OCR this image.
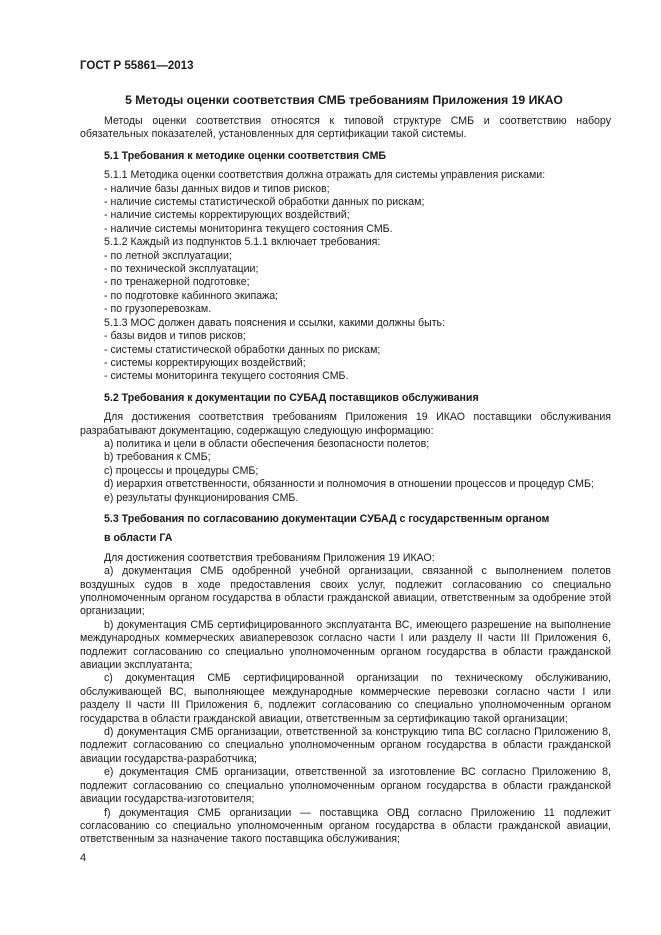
ГОСТ Р 55861—2013
5 Методы оценки соответствия СМБ требованиям Приложения 19 ИКАО

Методы оценки соответствия относятся к типовой структуре СМБ и соответствию набору обязательных показателей, установленных для сертификации такой системы.

5.1 Требования к методике оценки соответствия СМБ

5.1.1 Методика оценки соответствия должна отражать для системы управления рисками:

- наличие базы данных видов и типов рисков;

- наличие системы статистической обработки данных по рискам;

- наличие системы корректирующих воздействий;

- наличие системы мониторинга текущего состояния СМБ.

5.1.2 Каждый из подпунктов 5.1.1 включает требования:

- по летной эксплуатации;

- по технической эксплуатации;

- по тренажерной подготовке;

- по подготовке кабинного экипажа;

- по грузоперевозкам.

5.1.3 МОС должен давать пояснения и ссылки, какими должны быть:

- базы видов и типов рисков;

- системы статистической обработки данных по рискам;

- системы корректирующих воздействий;

- системы мониторинга текущего состояния СМБ.

5.2 Требования к документации по СУБАД поставщиков обслуживания

Для достижения соответствия требованиям Приложения 19 ИКАО поставщики обслуживания разрабатывают документацию, содержащую следующую информацию:

а) политика и цели в области обеспечения безопасности полетов;

b) требования к СМБ;

с) процессы и процедуры СМБ;

d) иерархия ответственности, обязанности и полномочия в отношении процессов и процедур СМБ;

е) результаты функционирования СМБ.

5.3 Требования по согласованию документации СУБАД с государственным органом

в области ГА

Для достижения соответствия требованиям Приложения 19 ИКАО:

а) документация СМБ одобренной учебной организации, связанной с выполнением полетов воздушных судов в ходе предоставления своих услуг, подлежит согласованию со специально уполномоченным органом государства в области гражданской авиации, ответственным за одобрение этой организации;

b) документация СМБ сертифицированного эксплуатанта ВС, имеющего разрешение на выполнение международных коммерческих авиаперевозок согласно части I или разделу II части III Приложения 6, подлежит согласованию со специально уполномоченным органом государства в области гражданской авиации эксплуатанта;

с) документация СМБ сертифицированной организации по техническому обслуживанию, обслуживающей ВС, выполняющее международные коммерческие перевозки согласно части I или разделу II части III Приложения 6, подлежит согласованию со специально уполномоченным органом государства в области гражданской авиации, ответственным за сертификацию такой организации;

d) документация СМБ организации, ответственной за конструкцию типа ВС согласно Приложению 8, подлежит согласованию со специально уполномоченным органом государства в области гражданской авиации государства-разработчика;

е) документация СМБ организации, ответственной за изготовление ВС согласно Приложению 8, подлежит согласованию со специально уполномоченным органом государства в области гражданской авиации государства-изготовителя;

f) документация СМБ организации — поставщика ОВД согласно Приложению 11 подлежит согласованию со специально уполномоченным органом государства в области гражданской авиации, ответственным за назначение такого поставщика обслуживания;

4
